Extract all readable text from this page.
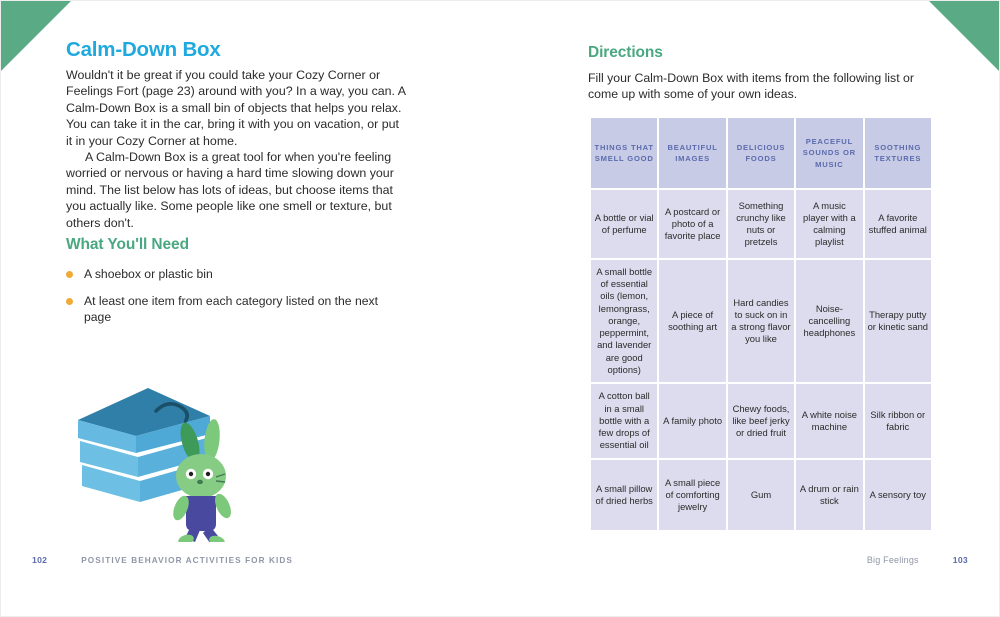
Calm-Down Box

Wouldn't it be great if you could take your Cozy Corner or Feelings Fort (page 23) around with you? In a way, you can. A Calm-Down Box is a small bin of objects that helps you relax. You can take it in the car, bring it with you on vacation, or put it in your Cozy Corner at home.

A Calm-Down Box is a great tool for when you're feeling worried or nervous or having a hard time slowing down your mind. The list below has lots of ideas, but choose items that you actually like. Some people like one smell or texture, but others don't.

What You'll Need
A shoebox or plastic bin
At least one item from each category listed on the next page
102	POSITIVE BEHAVIOR ACTIVITIES FOR KIDS
Directions

Fill your Calm-Down Box with items from the following list or come up with some of your own ideas.

THINGS THAT SMELL GOOD	BEAUTIFUL IMAGES	DELICIOUS FOODS	PEACEFUL SOUNDS OR MUSIC	SOOTHING TEXTURES
A bottle or vial of perfume	A postcard or photo of a favorite place	Something crunchy like nuts or pretzels	A music player with a calming playlist	A favorite stuffed animal
A small bottle of essential oils (lemon, lemongrass, orange, peppermint, and lavender are good options)	A piece of soothing art	Hard candies to suck on in a strong flavor you like	Noise-cancelling headphones	Therapy putty or kinetic sand
A cotton ball in a small bottle with a few drops of essential oil	A family photo	Chewy foods, like beef jerky or dried fruit	A white noise machine	Silk ribbon or fabric
A small pillow of dried herbs	A small piece of comforting jewelry	Gum	A drum or rain stick	A sensory toy
Big Feelings	103
